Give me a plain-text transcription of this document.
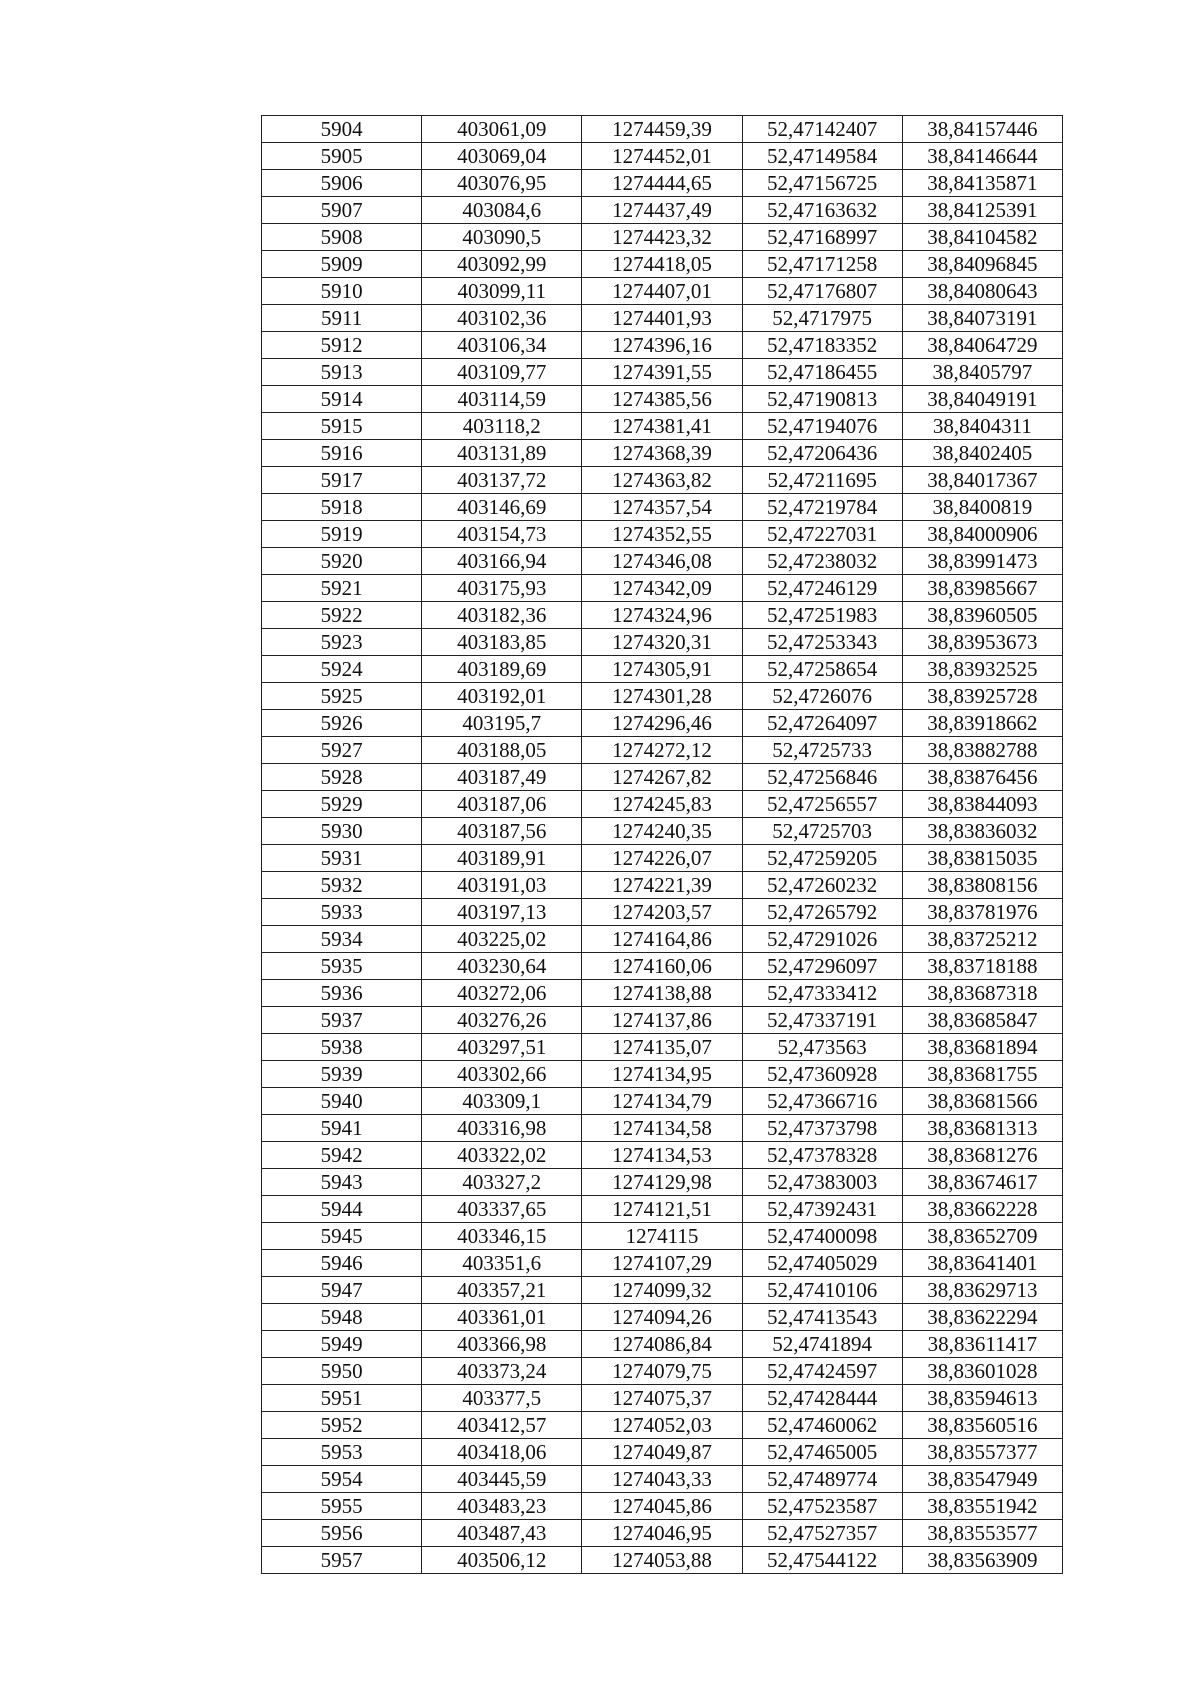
5904	403061,09	1274459,39	52,47142407	38,84157446
5905	403069,04	1274452,01	52,47149584	38,84146644
5906	403076,95	1274444,65	52,47156725	38,84135871
5907	403084,6	1274437,49	52,47163632	38,84125391
5908	403090,5	1274423,32	52,47168997	38,84104582
5909	403092,99	1274418,05	52,47171258	38,84096845
5910	403099,11	1274407,01	52,47176807	38,84080643
5911	403102,36	1274401,93	52,4717975	38,84073191
5912	403106,34	1274396,16	52,47183352	38,84064729
5913	403109,77	1274391,55	52,47186455	38,8405797
5914	403114,59	1274385,56	52,47190813	38,84049191
5915	403118,2	1274381,41	52,47194076	38,8404311
5916	403131,89	1274368,39	52,47206436	38,8402405
5917	403137,72	1274363,82	52,47211695	38,84017367
5918	403146,69	1274357,54	52,47219784	38,8400819
5919	403154,73	1274352,55	52,47227031	38,84000906
5920	403166,94	1274346,08	52,47238032	38,83991473
5921	403175,93	1274342,09	52,47246129	38,83985667
5922	403182,36	1274324,96	52,47251983	38,83960505
5923	403183,85	1274320,31	52,47253343	38,83953673
5924	403189,69	1274305,91	52,47258654	38,83932525
5925	403192,01	1274301,28	52,4726076	38,83925728
5926	403195,7	1274296,46	52,47264097	38,83918662
5927	403188,05	1274272,12	52,4725733	38,83882788
5928	403187,49	1274267,82	52,47256846	38,83876456
5929	403187,06	1274245,83	52,47256557	38,83844093
5930	403187,56	1274240,35	52,4725703	38,83836032
5931	403189,91	1274226,07	52,47259205	38,83815035
5932	403191,03	1274221,39	52,47260232	38,83808156
5933	403197,13	1274203,57	52,47265792	38,83781976
5934	403225,02	1274164,86	52,47291026	38,83725212
5935	403230,64	1274160,06	52,47296097	38,83718188
5936	403272,06	1274138,88	52,47333412	38,83687318
5937	403276,26	1274137,86	52,47337191	38,83685847
5938	403297,51	1274135,07	52,473563	38,83681894
5939	403302,66	1274134,95	52,47360928	38,83681755
5940	403309,1	1274134,79	52,47366716	38,83681566
5941	403316,98	1274134,58	52,47373798	38,83681313
5942	403322,02	1274134,53	52,47378328	38,83681276
5943	403327,2	1274129,98	52,47383003	38,83674617
5944	403337,65	1274121,51	52,47392431	38,83662228
5945	403346,15	1274115	52,47400098	38,83652709
5946	403351,6	1274107,29	52,47405029	38,83641401
5947	403357,21	1274099,32	52,47410106	38,83629713
5948	403361,01	1274094,26	52,47413543	38,83622294
5949	403366,98	1274086,84	52,4741894	38,83611417
5950	403373,24	1274079,75	52,47424597	38,83601028
5951	403377,5	1274075,37	52,47428444	38,83594613
5952	403412,57	1274052,03	52,47460062	38,83560516
5953	403418,06	1274049,87	52,47465005	38,83557377
5954	403445,59	1274043,33	52,47489774	38,83547949
5955	403483,23	1274045,86	52,47523587	38,83551942
5956	403487,43	1274046,95	52,47527357	38,83553577
5957	403506,12	1274053,88	52,47544122	38,83563909
